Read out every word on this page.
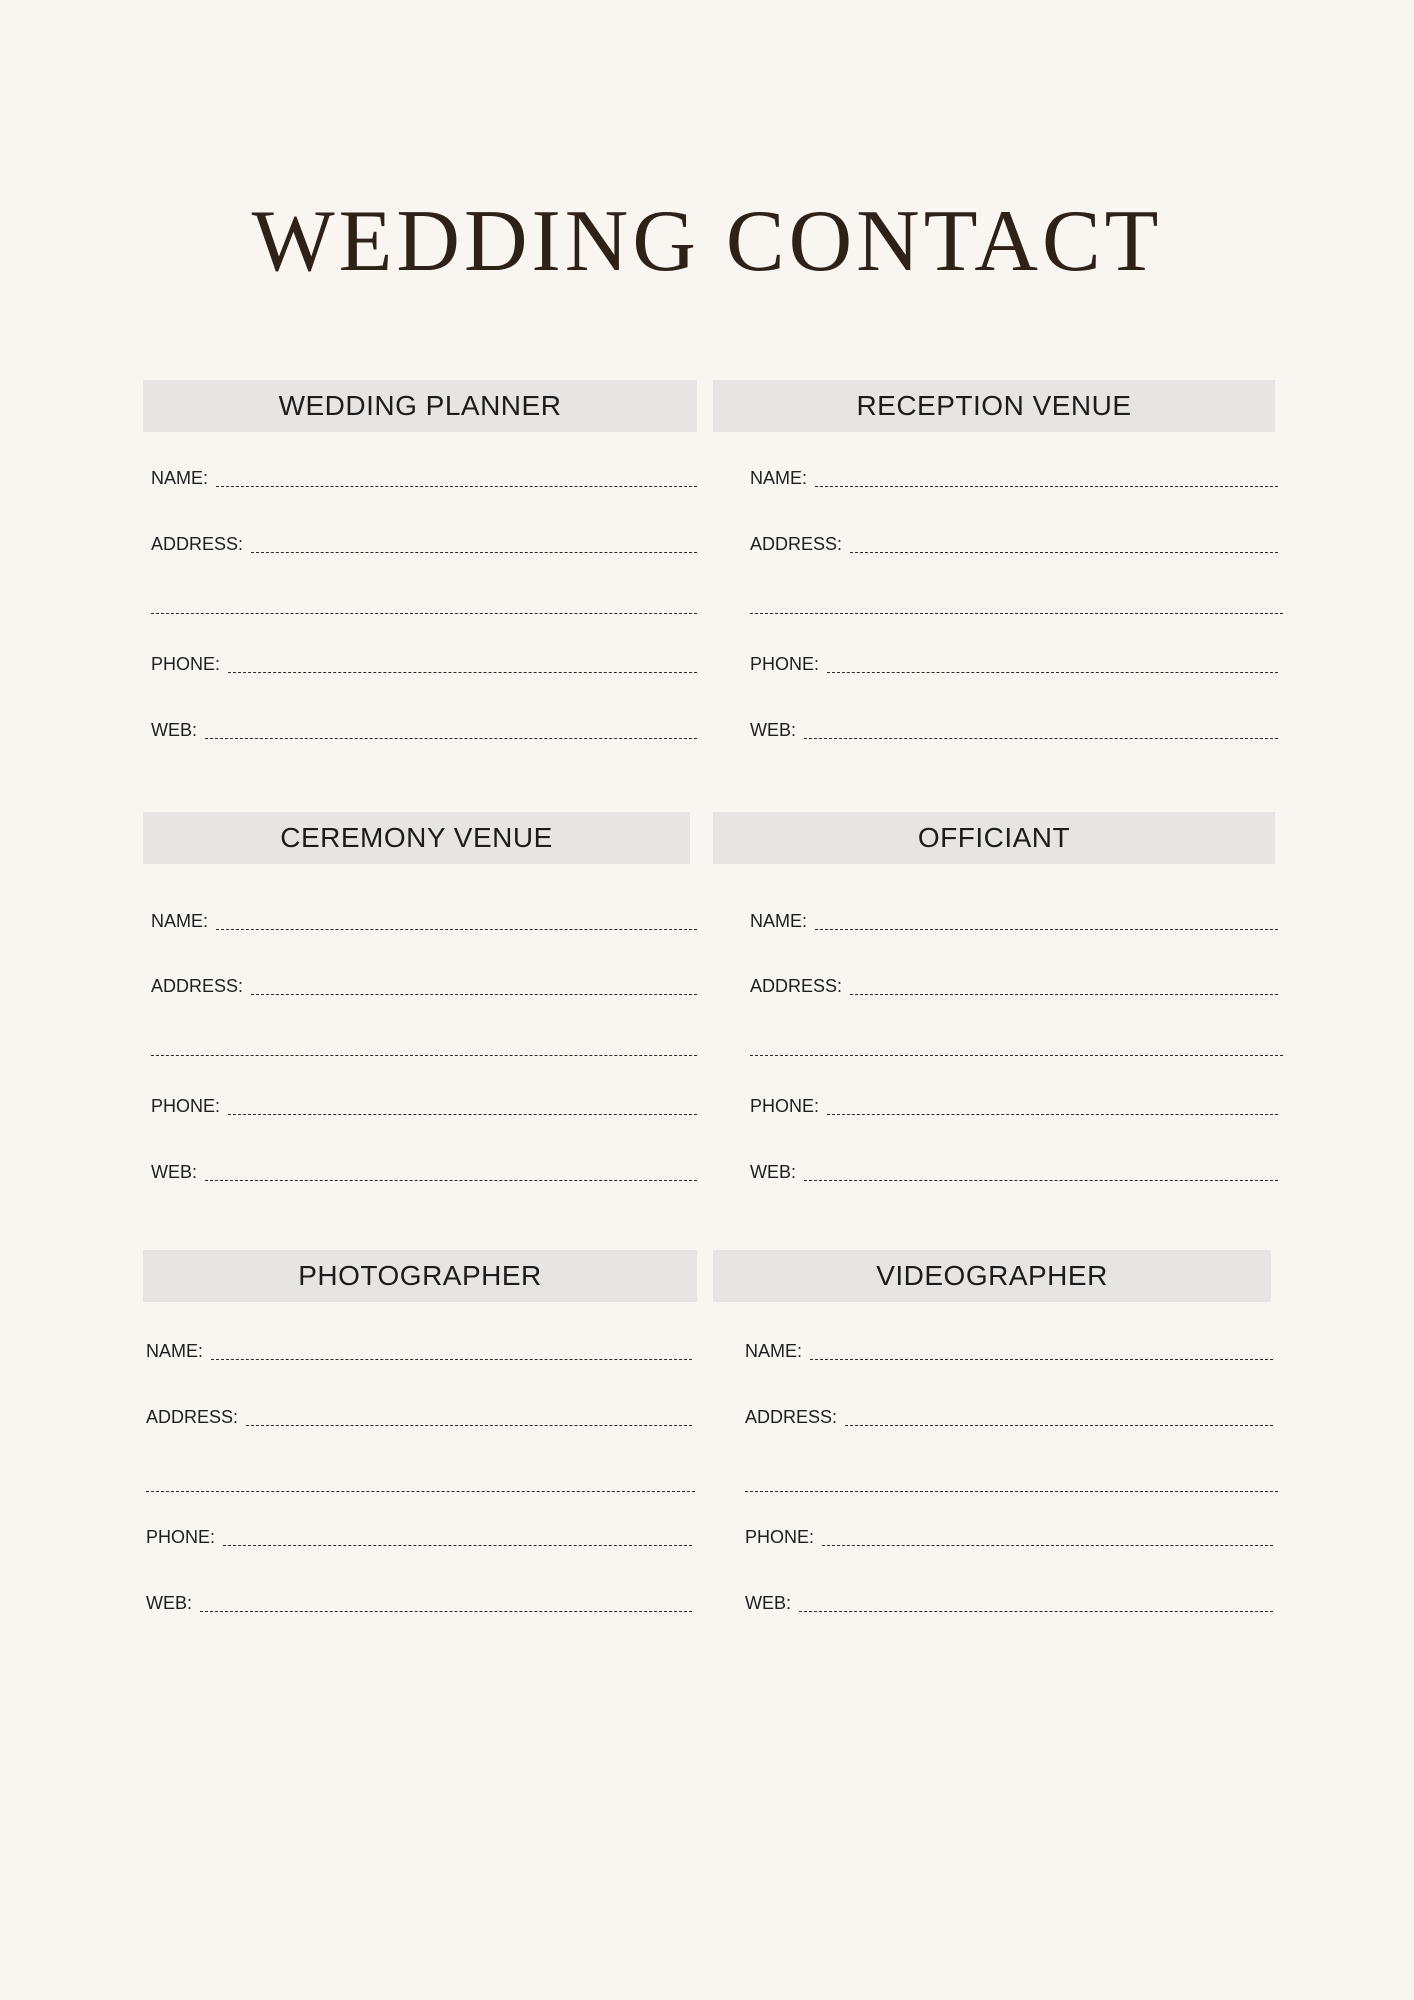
WEDDING CONTACT
WEDDING PLANNER
NAME:
ADDRESS:
PHONE:
WEB:
RECEPTION VENUE
NAME:
ADDRESS:
PHONE:
WEB:
CEREMONY VENUE
NAME:
ADDRESS:
PHONE:
WEB:
OFFICIANT
NAME:
ADDRESS:
PHONE:
WEB:
PHOTOGRAPHER
NAME:
ADDRESS:
PHONE:
WEB:
VIDEOGRAPHER
NAME:
ADDRESS:
PHONE:
WEB:
